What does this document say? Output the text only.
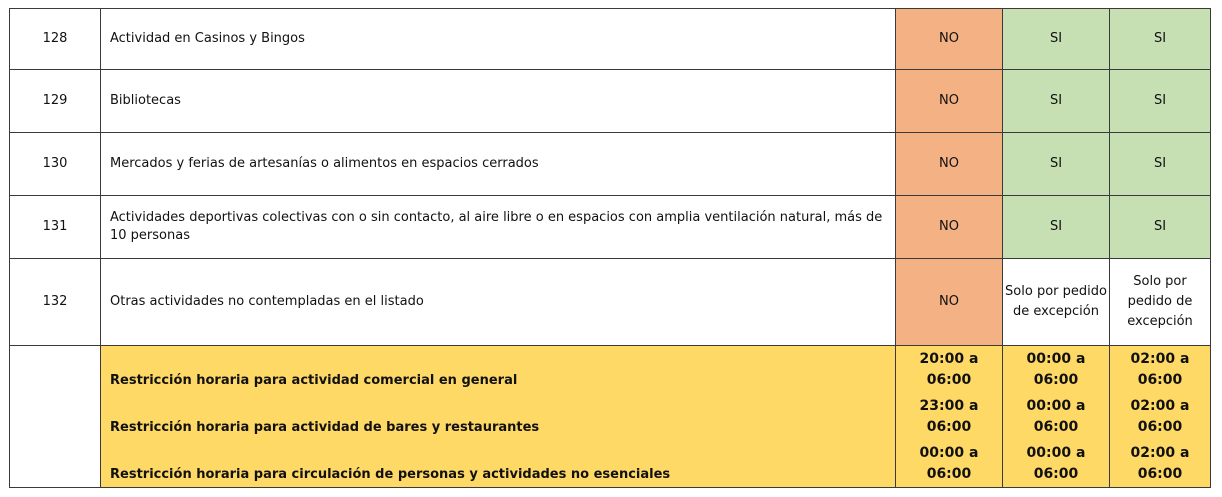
128	Actividad en Casinos y Bingos	NO	SI	SI
129	Bibliotecas	NO	SI	SI
130	Mercados y ferias de artesanías o alimentos en espacios cerrados	NO	SI	SI
131	Actividades deportivas colectivas con o sin contacto, al aire libre o en espacios con amplia ventilación natural, más de 10 personas	NO	SI	SI
132	Otras actividades no contempladas en el listado	NO	Solo por pedido de excepción	Solo por pedido de excepción

	Restricción horaria para actividad comercial en general	20:00 a 06:00	00:00 a 06:00	02:00 a 06:00
	Restricción horaria para actividad de bares y restaurantes	23:00 a 06:00	00:00 a 06:00	02:00 a 06:00
	Restricción horaria para circulación de personas y actividades no esenciales	00:00 a 06:00	00:00 a 06:00	02:00 a 06:00
